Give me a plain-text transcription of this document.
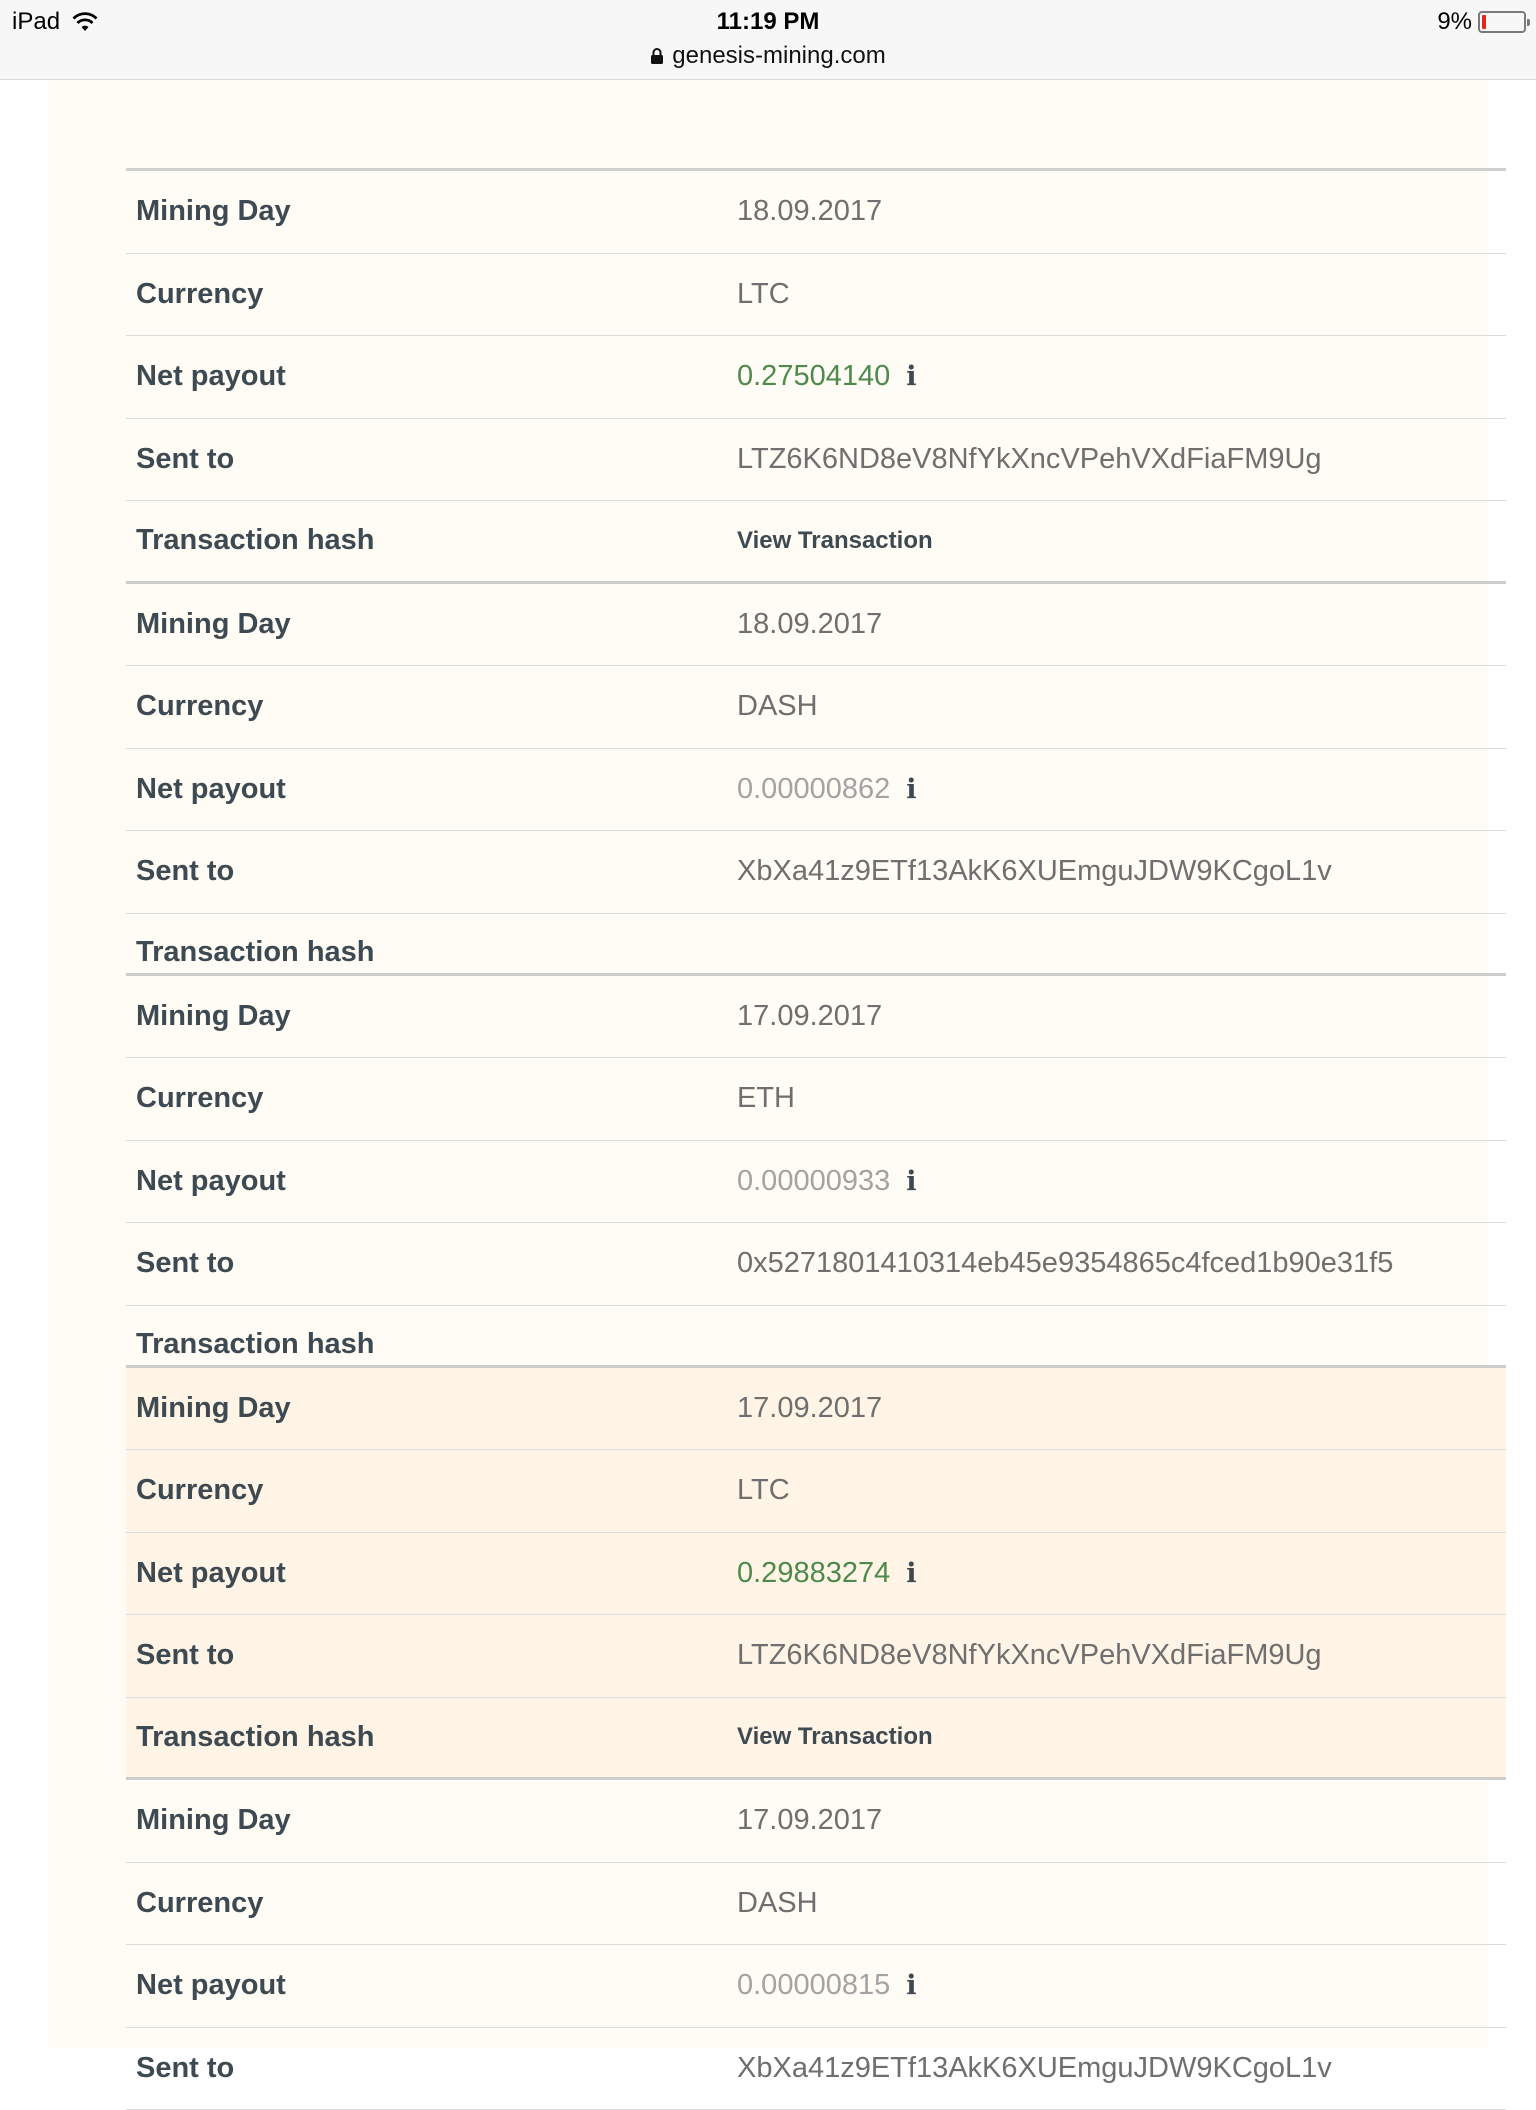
iPad	11:19 PM
genesis-mining.com
9%
Mining Day	18.09.2017
Currency	LTC
Net payout	0.27504140 i
Sent to	LTZ6K6ND8eV8NfYkXncVPehVXdFiaFM9Ug
Transaction hash	View Transaction
Mining Day	18.09.2017
Currency	DASH
Net payout	0.00000862 i
Sent to	XbXa41z9ETf13AkK6XUEmguJDW9KCgoL1v
Transaction hash
Mining Day	17.09.2017
Currency	ETH
Net payout	0.00000933 i
Sent to	0x5271801410314eb45e9354865c4fced1b90e31f5
Transaction hash
Mining Day	17.09.2017
Currency	LTC
Net payout	0.29883274 i
Sent to	LTZ6K6ND8eV8NfYkXncVPehVXdFiaFM9Ug
Transaction hash	View Transaction
Mining Day	17.09.2017
Currency	DASH
Net payout	0.00000815 i
Sent to	XbXa41z9ETf13AkK6XUEmguJDW9KCgoL1v
